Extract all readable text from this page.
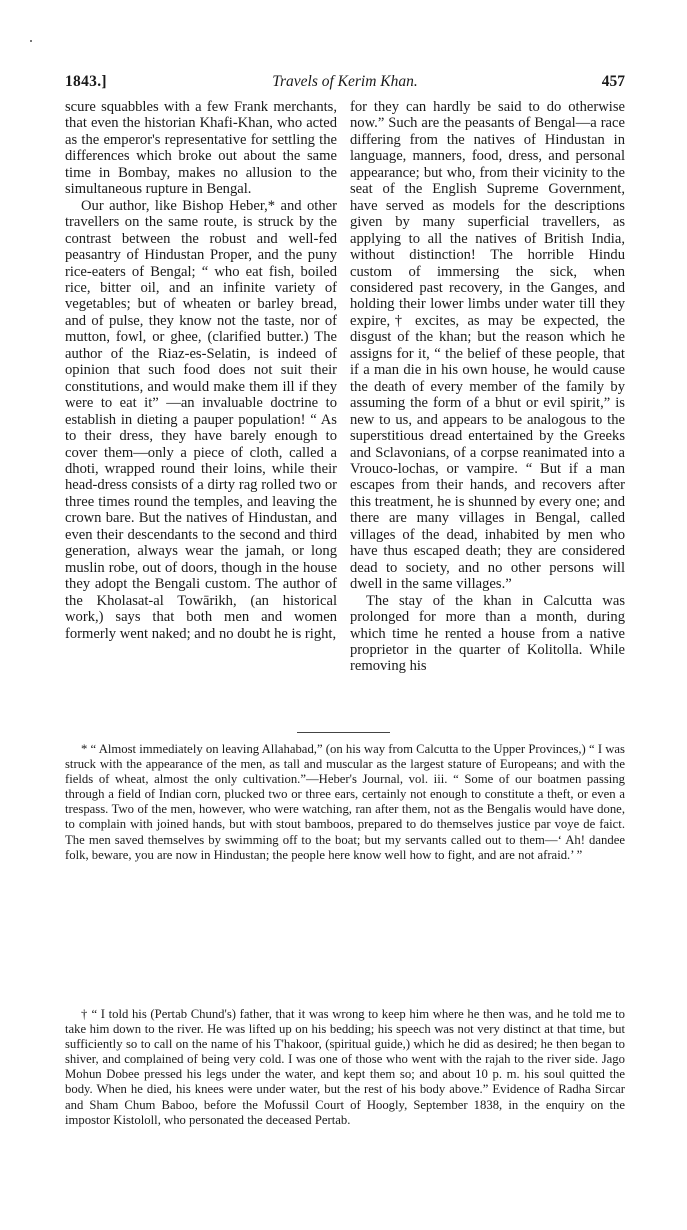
1843.]	Travels of Kerim Khan.	457

scure squabbles with a few Frank merchants, that even the historian Khafi-Khan, who acted as the emperor's representative for settling the differences which broke out about the same time in Bombay, makes no allusion to the simultaneous rupture in Bengal.

Our author, like Bishop Heber,* and other travellers on the same route, is struck by the contrast between the robust and well-fed peasantry of Hindustan Proper, and the puny rice-eaters of Bengal; “ who eat fish, boiled rice, bitter oil, and an infinite variety of vegetables; but of wheaten or barley bread, and of pulse, they know not the taste, nor of mutton, fowl, or ghee, (clarified butter.) The author of the Riaz-es-Selatin, is indeed of opinion that such food does not suit their constitutions, and would make them ill if they were to eat it” —an invaluable doctrine to establish in dieting a pauper population! “ As to their dress, they have barely enough to cover them—only a piece of cloth, called a dhoti, wrapped round their loins, while their head-dress consists of a dirty rag rolled two or three times round the temples, and leaving the crown bare. But the natives of Hindustan, and even their descendants to the second and third generation, always wear the jamah, or long muslin robe, out of doors, though in the house they adopt the Bengali custom. The author of the Kholasat-al Towārikh, (an historical work,) says that both men and women formerly went naked; and no doubt he is right,

for they can hardly be said to do otherwise now.” Such are the peasants of Bengal—a race differing from the natives of Hindustan in language, manners, food, dress, and personal appearance; but who, from their vicinity to the seat of the English Supreme Government, have served as models for the descriptions given by many superficial travellers, as applying to all the natives of British India, without distinction! The horrible Hindu custom of immersing the sick, when considered past recovery, in the Ganges, and holding their lower limbs under water till they expire,† excites, as may be expected, the disgust of the khan; but the reason which he assigns for it, “ the belief of these people, that if a man die in his own house, he would cause the death of every member of the family by assuming the form of a bhut or evil spirit,” is new to us, and appears to be analogous to the superstitious dread entertained by the Greeks and Sclavonians, of a corpse reanimated into a Vrouco-lochas, or vampire. “ But if a man escapes from their hands, and recovers after this treatment, he is shunned by every one; and there are many villages in Bengal, called villages of the dead, inhabited by men who have thus escaped death; they are considered dead to society, and no other persons will dwell in the same villages.”

The stay of the khan in Calcutta was prolonged for more than a month, during which time he rented a house from a native proprietor in the quarter of Kolitolla. While removing his

* “ Almost immediately on leaving Allahabad,” (on his way from Calcutta to the Upper Provinces,) “ I was struck with the appearance of the men, as tall and muscular as the largest stature of Europeans; and with the fields of wheat, almost the only cultivation.”—Heber's Journal, vol. iii. “ Some of our boatmen passing through a field of Indian corn, plucked two or three ears, certainly not enough to constitute a theft, or even a trespass. Two of the men, however, who were watching, ran after them, not as the Bengalis would have done, to complain with joined hands, but with stout bamboos, prepared to do themselves justice par voye de faict. The men saved themselves by swimming off to the boat; but my servants called out to them—‘ Ah! dandee folk, beware, you are now in Hindustan; the people here know well how to fight, and are not afraid.’ ”

† “ I told his (Pertab Chund's) father, that it was wrong to keep him where he then was, and he told me to take him down to the river. He was lifted up on his bedding; his speech was not very distinct at that time, but sufficiently so to call on the name of his T'hakoor, (spiritual guide,) which he did as desired; he then began to shiver, and complained of being very cold. I was one of those who went with the rajah to the river side. Jago Mohun Dobee pressed his legs under the water, and kept them so; and about 10 p. m. his soul quitted the body. When he died, his knees were under water, but the rest of his body above.” Evidence of Radha Sircar and Sham Chum Baboo, before the Mofussil Court of Hoogly, September 1838, in the enquiry on the impostor Kistololl, who personated the deceased Pertab.
